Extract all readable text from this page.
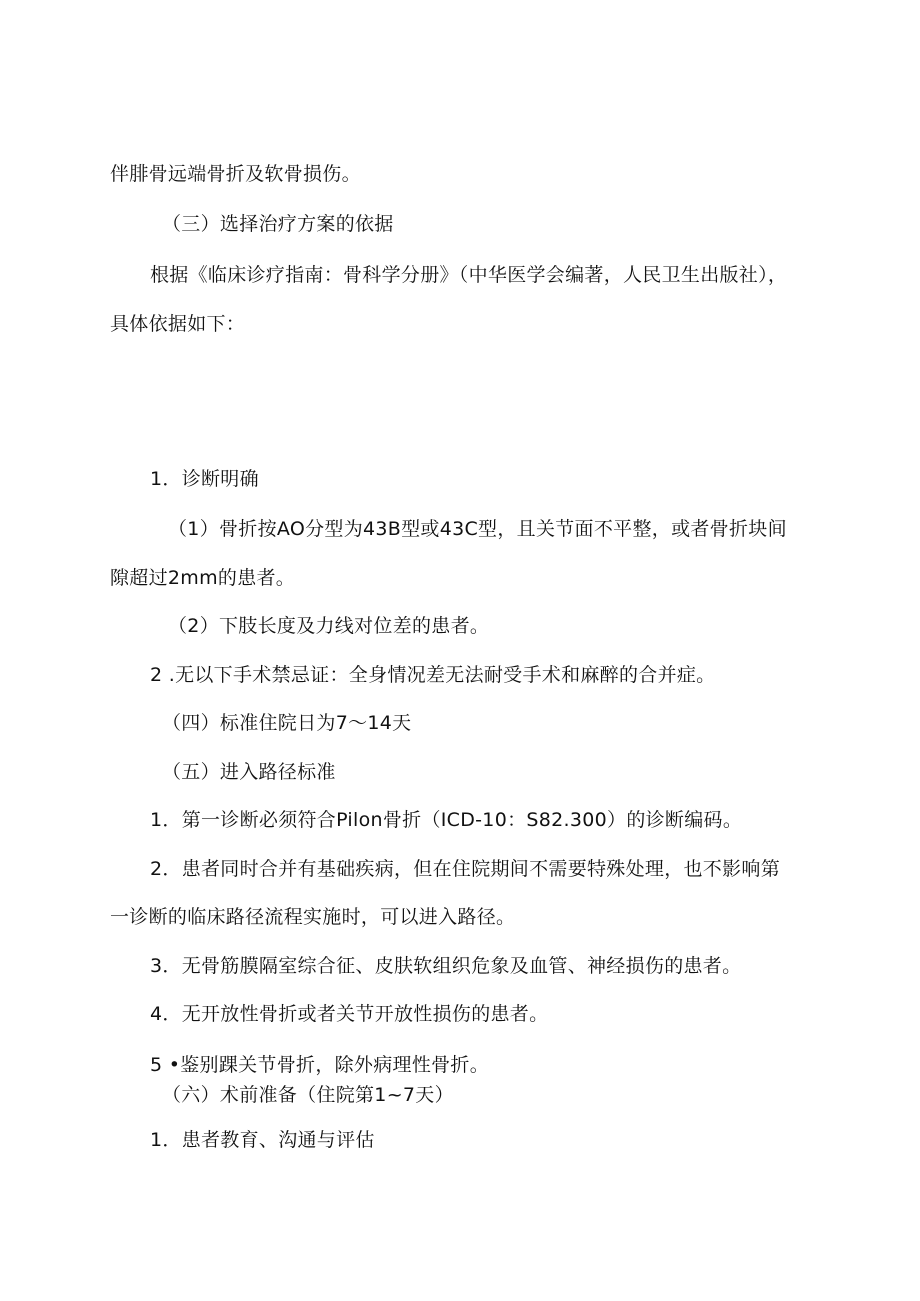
伴腓骨远端骨折及软骨损伤。
（三）选择治疗方案的依据
根据《临床诊疗指南：骨科学分册》（中华医学会编著，人民卫生出版社），
具体依据如下：
1．诊断明确
（1）骨折按AO分型为43B型或43C型，且关节面不平整，或者骨折块间
隙超过2mm的患者。
（2）下肢长度及力线对位差的患者。
2 .无以下手术禁忌证：全身情况差无法耐受手术和麻醉的合并症。
（四）标准住院日为7〜14天
（五）进入路径标准
1．第一诊断必须符合Pilon骨折（ICD-10：S82.300）的诊断编码。
2．患者同时合并有基础疾病，但在住院期间不需要特殊处理，也不影响第
一诊断的临床路径流程实施时，可以进入路径。
3．无骨筋膜隔室综合征、皮肤软组织危象及血管、神经损伤的患者。
4．无开放性骨折或者关节开放性损伤的患者。
5 •鉴别踝关节骨折，除外病理性骨折。
（六）术前准备（住院第1~7天）
1．患者教育、沟通与评估
